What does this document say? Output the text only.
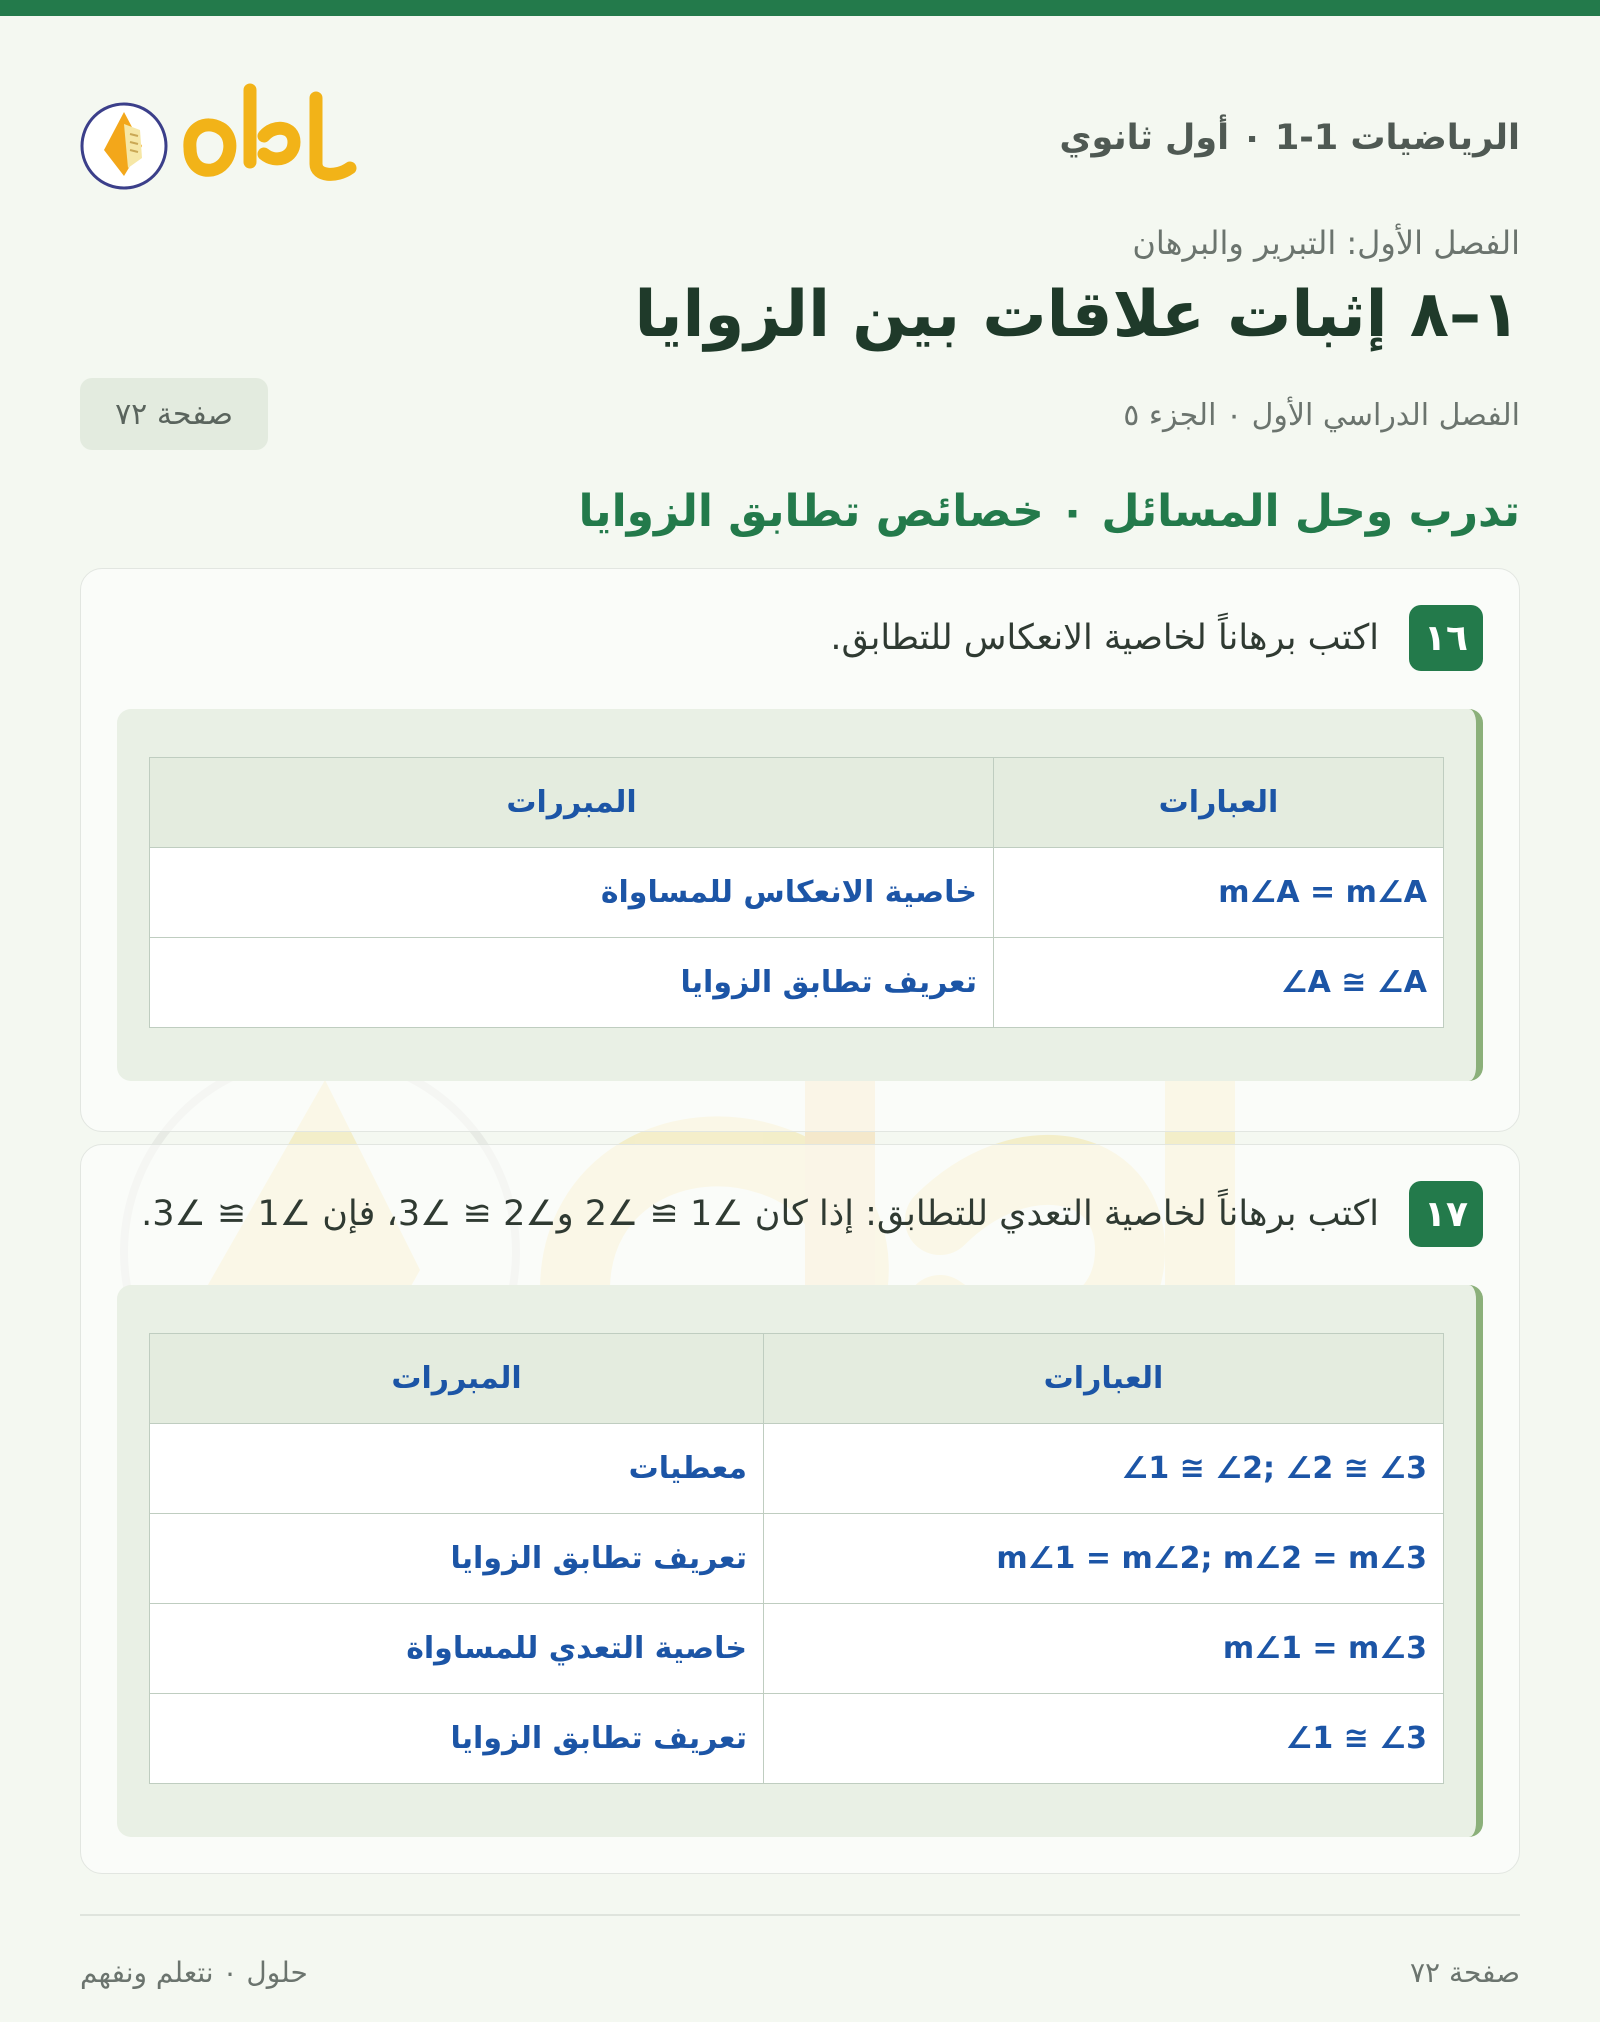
الرياضيات 1-1 ٠ أول ثانوي
الفصل الأول: التبرير والبرهان
١–٨ إثبات علاقات بين الزوايا
الفصل الدراسي الأول ٠ الجزء ٥
صفحة ٧٢
تدرب وحل المسائل ٠ خصائص تطابق الزوايا
١٦
اكتب برهاناً لخاصية الانعكاس للتطابق.
العبارات	المبررات
m∠A = m∠A	خاصية الانعكاس للمساواة
∠A ≅ ∠A	تعريف تطابق الزوايا
١٧
اكتب برهاناً لخاصية التعدي للتطابق: إذا كان ∠1 ≅ ∠2 و∠2 ≅ ∠3، فإن ∠1 ≅ ∠3.
العبارات	المبررات
∠1 ≅ ∠2; ∠2 ≅ ∠3	معطيات
m∠1 = m∠2; m∠2 = m∠3	تعريف تطابق الزوايا
m∠1 = m∠3	خاصية التعدي للمساواة
∠1 ≅ ∠3	تعريف تطابق الزوايا
صفحة ٧٢
حلول ٠ نتعلم ونفهم
